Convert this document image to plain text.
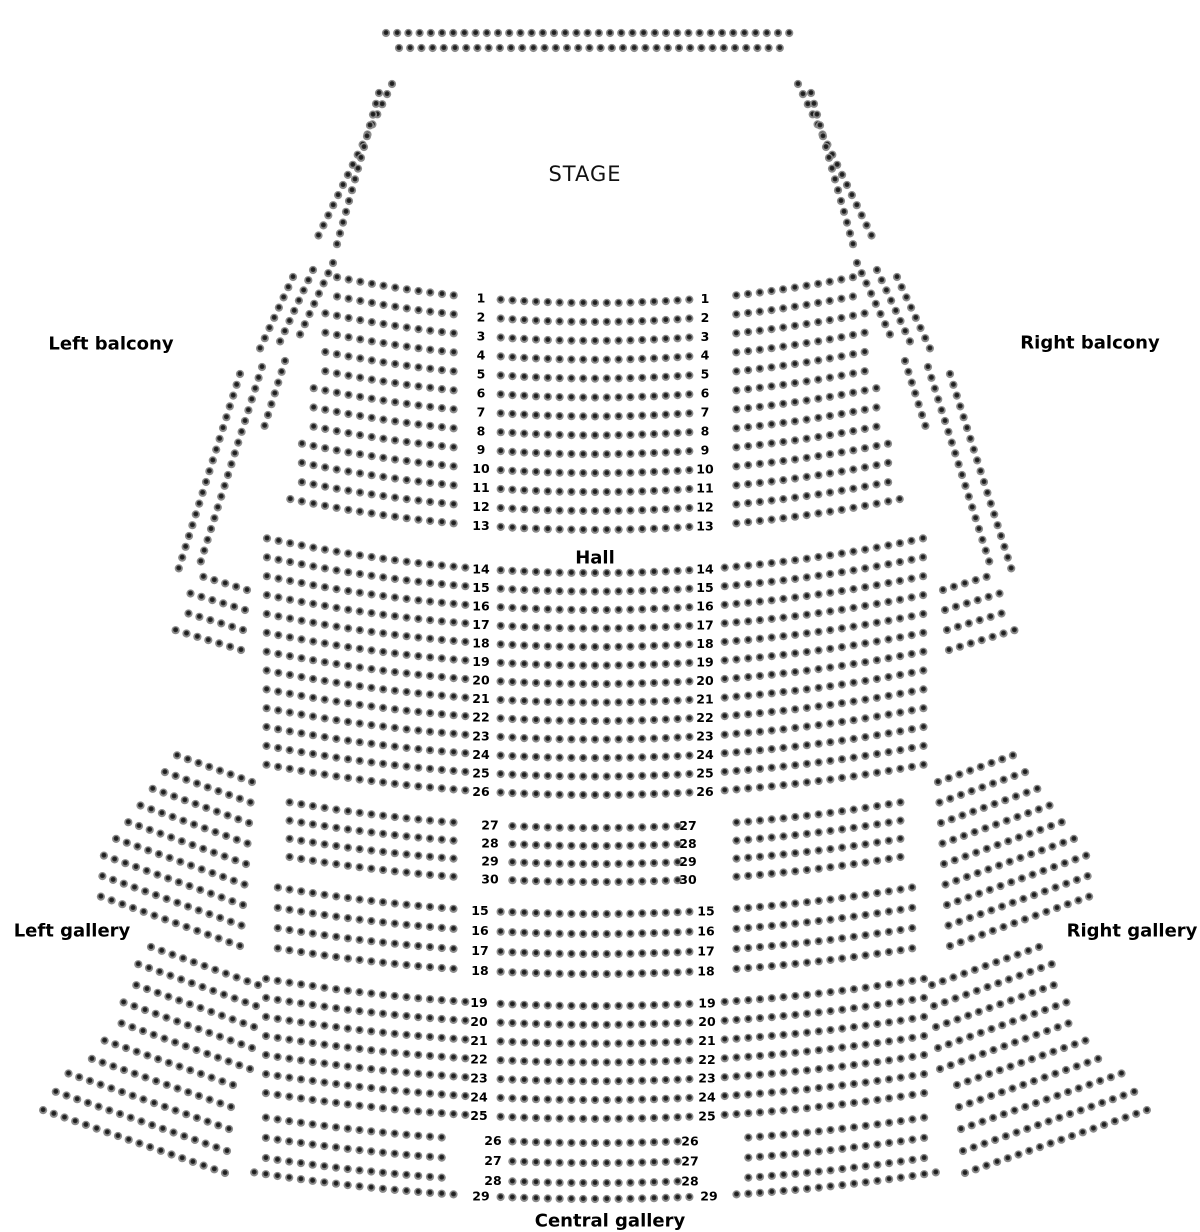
1	1
2	2
3	3
4	4
5	5
6	6
7	7
8	8
9	9
10	10
11	11
12	12
13	13
14	14
15	15
16	16
17	17
18	18
19	19
20	20
21	21
22	22
23	23
24	24
25	25
26	26
27	27
28	28
29	29
30	30
15	15
16	16
17	17
18	18
19	19
20	20
21	21
22	22
23	23
24	24
25	25
26	26
27	27
28	28
29	29
STAGE
Hall
Left balcony	Right balcony
Left gallery	Right gallery
Central gallery
